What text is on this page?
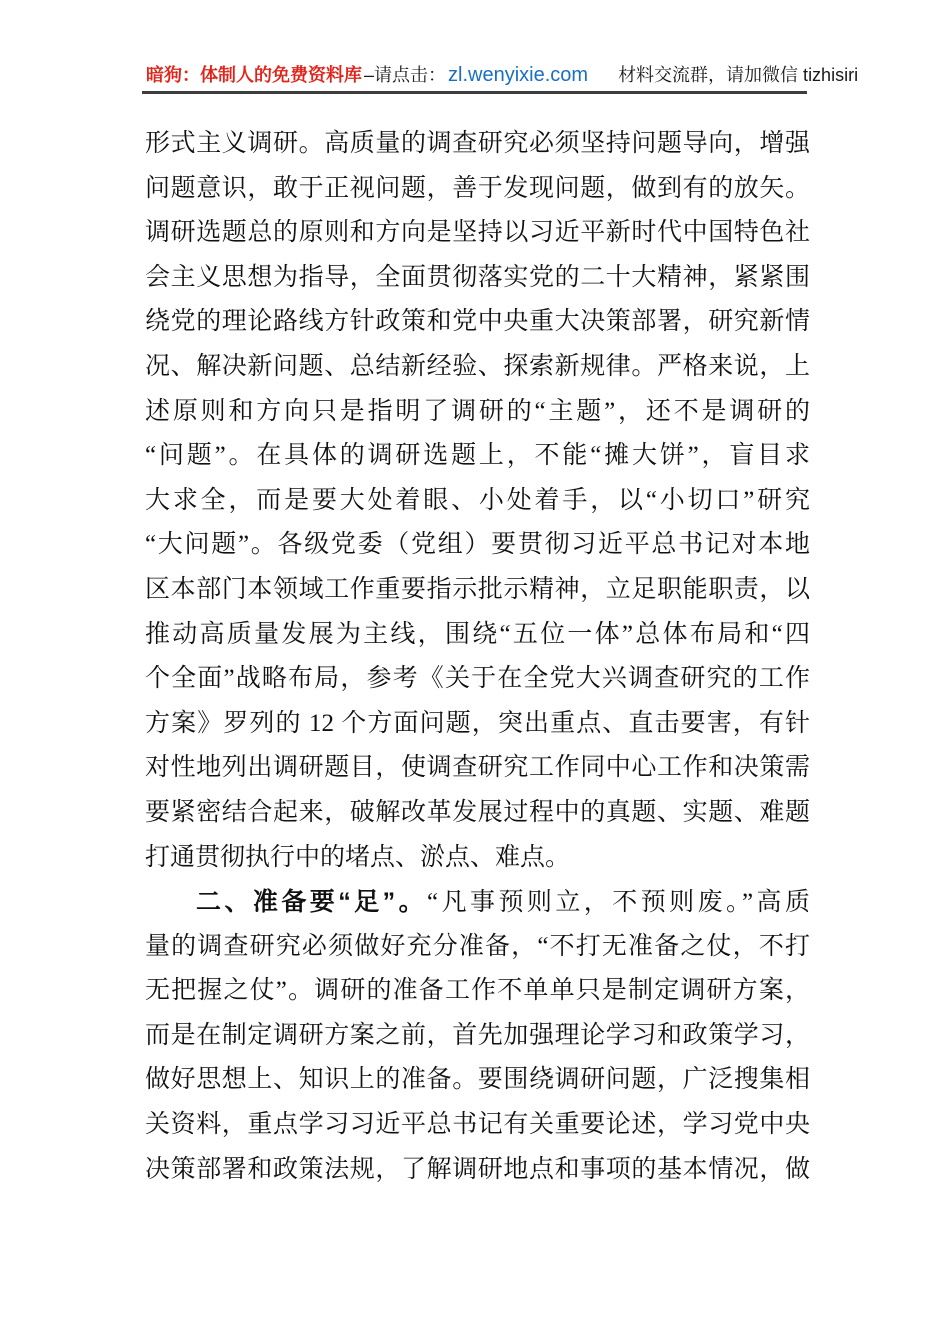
暗狗：体制人的免费资料库 –请点击： zl.wenyixie.com 材料交流群，请加微信 tizhisiri
形式主义调研。高质量的调查研究必须坚持问题导向，增强
问题意识，敢于正视问题，善于发现问题，做到有的放矢。
调研选题总的原则和方向是坚持以习近平新时代中国特色社
会主义思想为指导，全面贯彻落实党的二十大精神，紧紧围
绕党的理论路线方针政策和党中央重大决策部署，研究新情
况、解决新问题、总结新经验、探索新规律。严格来说，上
述原则和方向只是指明了调研的“主题”，还不是调研的
“问题”。在具体的调研选题上，不能“摊大饼”，盲目求
大求全，而是要大处着眼、小处着手，以“小切口”研究
“大问题”。各级党委（党组）要贯彻习近平总书记对本地
区本部门本领域工作重要指示批示精神，立足职能职责，以
推动高质量发展为主线，围绕“五位一体”总体布局和“四
个全面”战略布局，参考《关于在全党大兴调查研究的工作
方案》罗列的 12 个方面问题，突出重点、直击要害，有针
对性地列出调研题目，使调查研究工作同中心工作和决策需
要紧密结合起来，破解改革发展过程中的真题、实题、难题
打通贯彻执行中的堵点、淤点、难点。
二、准备要“足”。“凡事预则立，不预则废。”高质
量的调查研究必须做好充分准备，“不打无准备之仗，不打
无把握之仗”。调研的准备工作不单单只是制定调研方案，
而是在制定调研方案之前，首先加强理论学习和政策学习，
做好思想上、知识上的准备。要围绕调研问题，广泛搜集相
关资料，重点学习习近平总书记有关重要论述，学习党中央
决策部署和政策法规，了解调研地点和事项的基本情况，做
